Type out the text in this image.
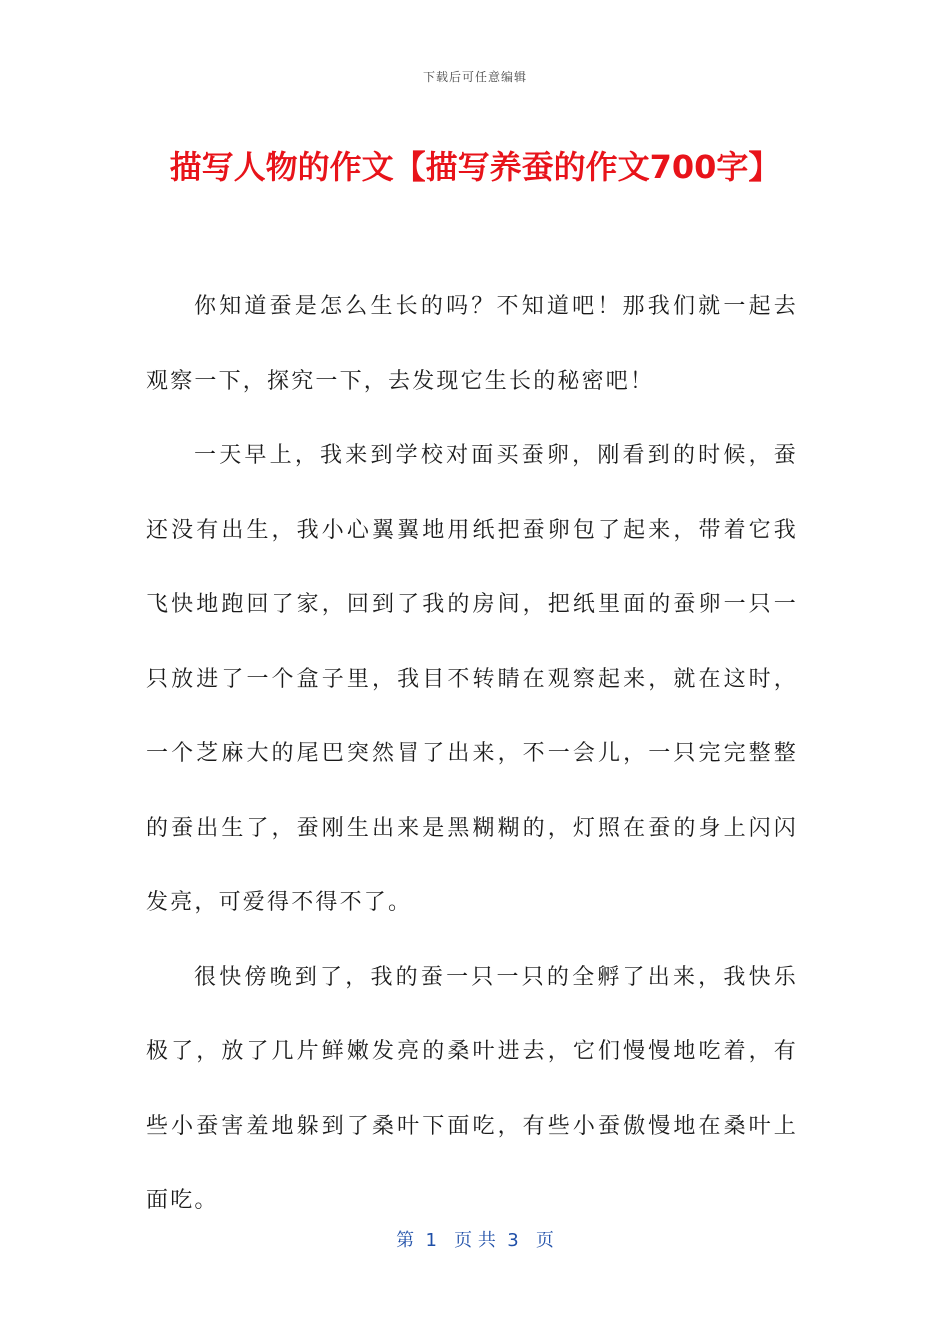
下载后可任意编辑
描写人物的作文【描写养蚕的作文700字】

你知道蚕是怎么生长的吗？不知道吧！那我们就一起去观察一下，探究一下，去发现它生长的秘密吧！

一天早上，我来到学校对面买蚕卵，刚看到的时候，蚕还没有出生，我小心翼翼地用纸把蚕卵包了起来，带着它我飞快地跑回了家，回到了我的房间，把纸里面的蚕卵一只一只放进了一个盒子里，我目不转睛在观察起来，就在这时，一个芝麻大的尾巴突然冒了出来，不一会儿，一只完完整整的蚕出生了，蚕刚生出来是黑糊糊的，灯照在蚕的身上闪闪发亮，可爱得不得不了。

很快傍晚到了，我的蚕一只一只的全孵了出来，我快乐极了，放了几片鲜嫩发亮的桑叶进去，它们慢慢地吃着，有些小蚕害羞地躲到了桑叶下面吃，有些小蚕傲慢地在桑叶上面吃。

第  1   页 共  3   页
